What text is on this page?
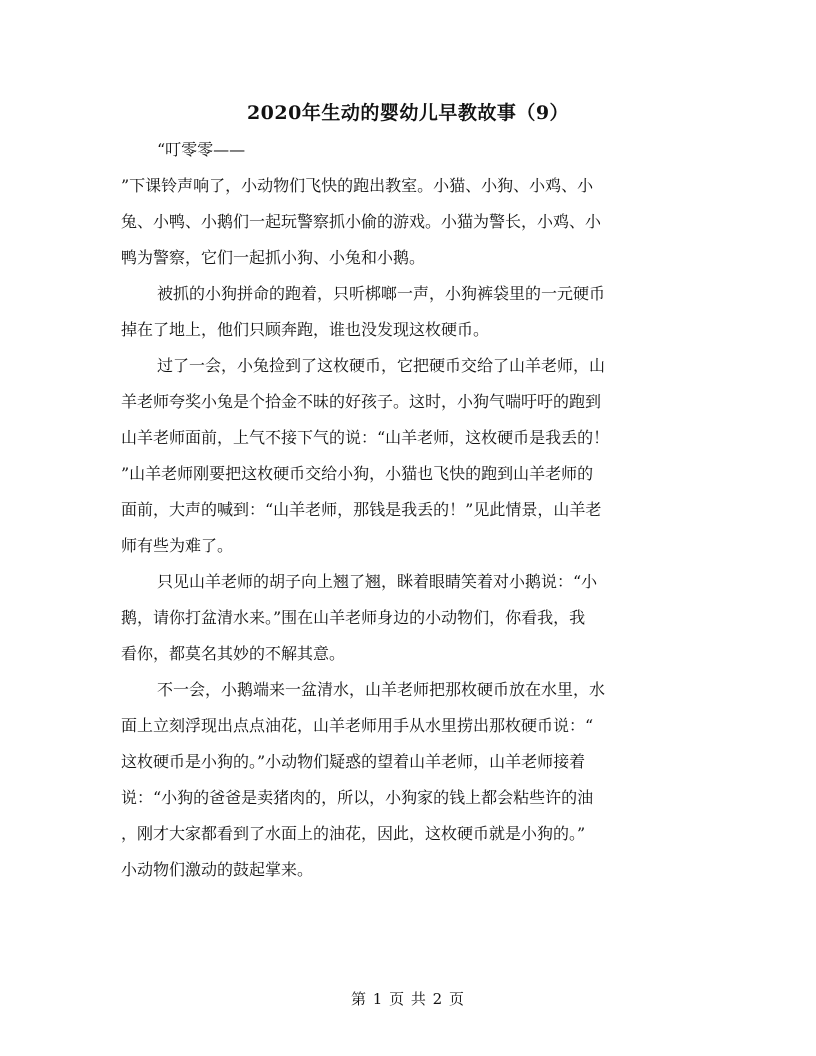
2020年生动的婴幼儿早教故事（9）
“叮零零——
”下课铃声响了，小动物们飞快的跑出教室。小猫、小狗、小鸡、小
兔、小鸭、小鹅们一起玩警察抓小偷的游戏。小猫为警长，小鸡、小
鸭为警察，它们一起抓小狗、小兔和小鹅。
被抓的小狗拼命的跑着，只听梆啷一声，小狗裤袋里的一元硬币
掉在了地上，他们只顾奔跑，谁也没发现这枚硬币。
过了一会，小兔捡到了这枚硬币，它把硬币交给了山羊老师，山
羊老师夸奖小兔是个拾金不昧的好孩子。这时，小狗气喘吁吁的跑到
山羊老师面前，上气不接下气的说：“山羊老师，这枚硬币是我丢的！
”山羊老师刚要把这枚硬币交给小狗，小猫也飞快的跑到山羊老师的
面前，大声的喊到：“山羊老师，那钱是我丢的！”见此情景，山羊老
师有些为难了。
只见山羊老师的胡子向上翘了翘，眯着眼睛笑着对小鹅说：“小
鹅，请你打盆清水来。”围在山羊老师身边的小动物们，你看我，我
看你，都莫名其妙的不解其意。
不一会，小鹅端来一盆清水，山羊老师把那枚硬币放在水里，水
面上立刻浮现出点点油花，山羊老师用手从水里捞出那枚硬币说：“
这枚硬币是小狗的。”小动物们疑惑的望着山羊老师，山羊老师接着
说：“小狗的爸爸是卖猪肉的，所以，小狗家的钱上都会粘些许的油
，刚才大家都看到了水面上的油花，因此，这枚硬币就是小狗的。”
小动物们激动的鼓起掌来。
第 1 页 共 2 页
